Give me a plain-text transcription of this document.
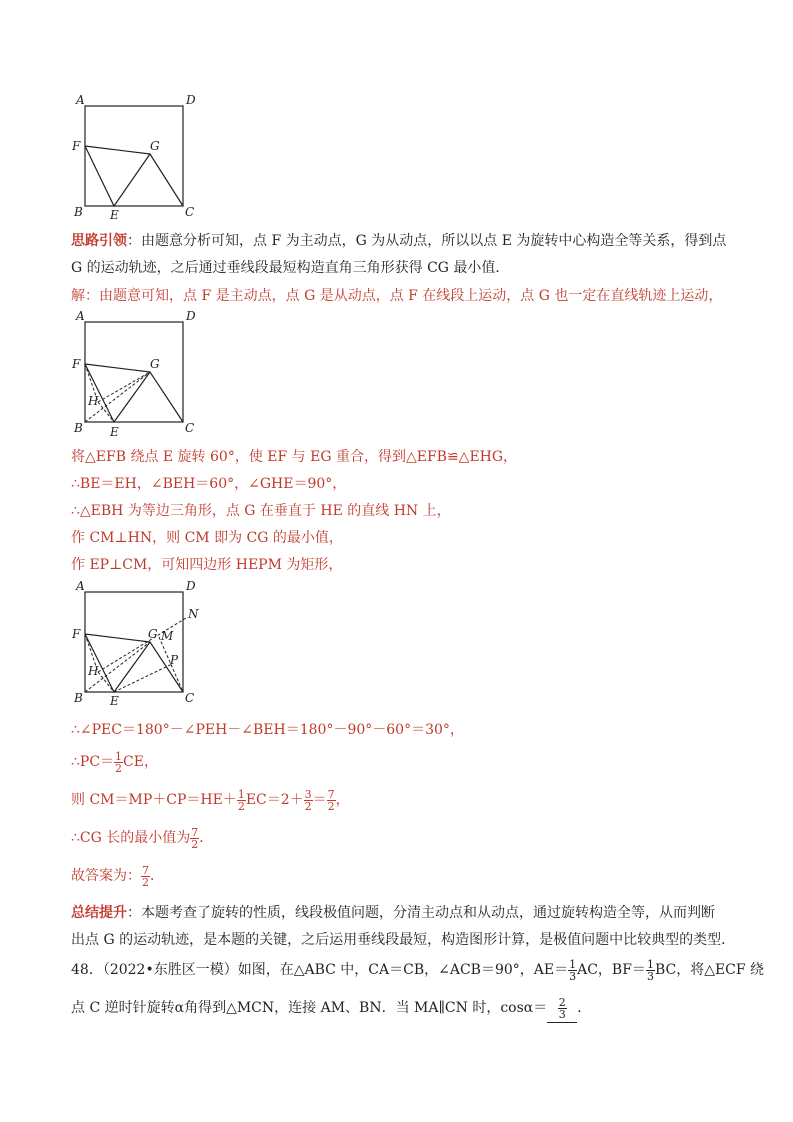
A	D
F	G
B E	C
思路引领：由题意分析可知，点 F 为主动点，G 为从动点，所以以点 E 为旋转中心构造全等关系，得到点
G 的运动轨迹，之后通过垂线段最短构造直角三角形获得 CG 最小值．
解：由题意可知，点 F 是主动点，点 G 是从动点，点 F 在线段上运动，点 G 也一定在直线轨迹上运动，
A	D
F	G
H
B E	C
将△EFB 绕点 E 旋转 60°，使 EF 与 EG 重合，得到△EFB≌△EHG，
∴BE＝EH，∠BEH＝60°，∠GHE＝90°，
∴△EBH 为等边三角形，点 G 在垂直于 HE 的直线 HN 上，
作 CM⊥HN，则 CM 即为 CG 的最小值，
作 EP⊥CM，可知四边形 HEPM 为矩形，
A	D
N
F	G M
H
P
B E	C
∴∠PEC＝180°－∠PEH－∠BEH＝180°－90°－60°＝30°，
∴PC＝ $\frac{1}{2}$ CE，
则 $CM=MP+CP=HE+ \frac{1}{2} EC=2+ \frac{3}{2} = \frac{7}{2}$ ，
∴CG 长的最小值为 $\frac{7}{2}$ ．
故答案为： $\frac{7}{2}$ ．
总结提升：本题考查了旋转的性质，线段极值问题，分清主动点和从动点，通过旋转构造全等，从而判断
出点 G 的运动轨迹，是本题的关键，之后运用垂线段最短，构造图形计算，是极值问题中比较典型的类型．
48．（2022•东胜区一模）如图，在△ABC 中，CA＝CB，∠ACB＝90°，$AE= \frac{1}{3}$ AC，$BF= \frac{1}{3}$ BC，将△ECF 绕
点 C 逆时针旋转α角得到△MCN，连接 AM、BN．当 MA∥CN 时，$\cos\alpha= \frac{2}{3}$ ．
